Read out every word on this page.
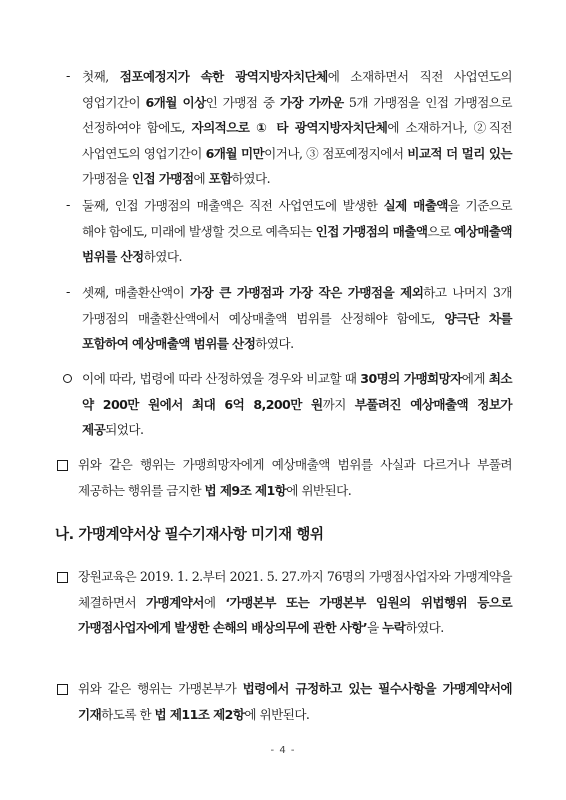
- 첫째, 점포예정지가 속한 광역지방자치단체에 소재하면서 직전 사업연도의 영업기간이 6개월 이상인 가맹점 중 가장 가까운 5개 가맹점을 인접 가맹점으로 선정하여야 함에도, 자의적으로 ① 타 광역지방자치단체에 소재하거나, ②직전 사업연도의 영업기간이 6개월 미만이거나, ③ 점포예정지에서 비교적 더 멀리 있는 가맹점을 인접 가맹점에 포함하였다.
- 둘째, 인접 가맹점의 매출액은 직전 사업연도에 발생한 실제 매출액을 기준으로 해야 함에도, 미래에 발생할 것으로 예측되는 인접 가맹점의 매출액으로 예상매출액 범위를 산정하였다.
- 셋째, 매출환산액이 가장 큰 가맹점과 가장 작은 가맹점을 제외하고 나머지 3개 가맹점의 매출환산액에서 예상매출액 범위를 산정해야 함에도, 양극단 차를 포함하여 예상매출액 범위를 산정하였다.
이에 따라, 법령에 따라 산정하였을 경우와 비교할 때 30명의 가맹희망자에게 최소 약 200만 원에서 최대 6억 8,200만 원까지 부풀려진 예상매출액 정보가 제공되었다.
위와 같은 행위는 가맹희망자에게 예상매출액 범위를 사실과 다르거나 부풀려 제공하는 행위를 금지한 법 제9조 제1항에 위반된다.
나. 가맹계약서상 필수기재사항 미기재 행위
장원교육은 2019. 1. 2.부터 2021. 5. 27.까지 76명의 가맹점사업자와 가맹계약을 체결하면서 가맹계약서에 ‘가맹본부 또는 가맹본부 임원의 위법행위 등으로 가맹점사업자에게 발생한 손해의 배상의무에 관한 사항’을 누락하였다.
위와 같은 행위는 가맹본부가 법령에서 규정하고 있는 필수사항을 가맹계약서에 기재하도록 한 법 제11조 제2항에 위반된다.
- 4 -
